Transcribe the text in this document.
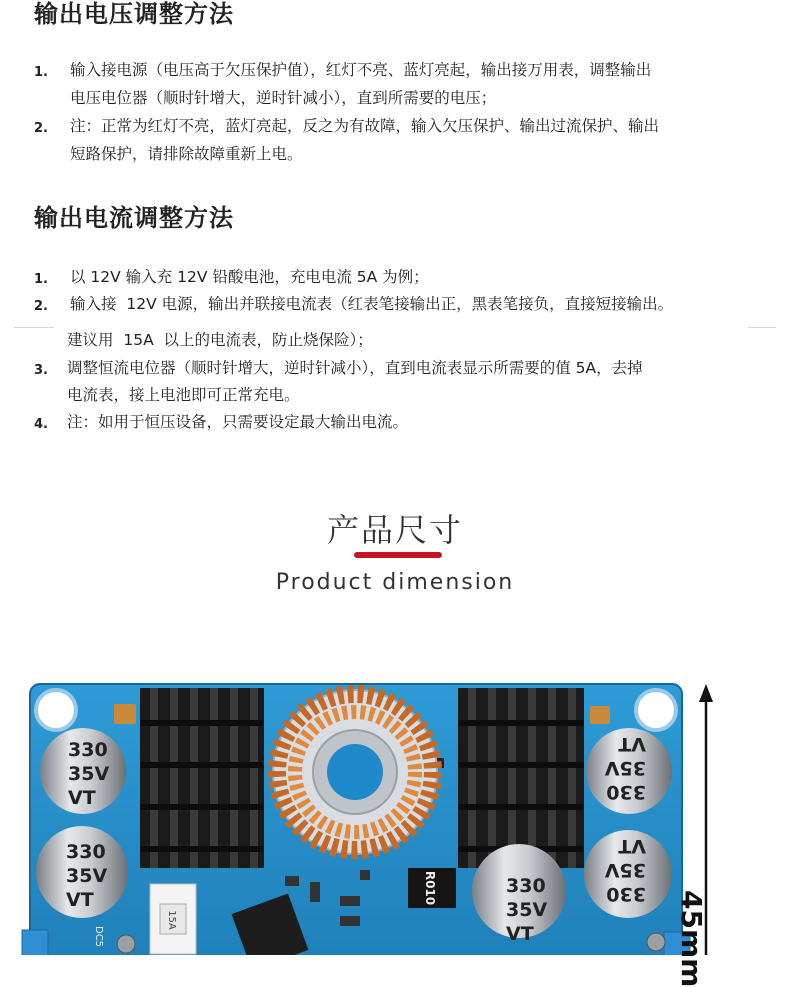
输出电压调整方法
1. 输入接电源（电压高于欠压保护值），红灯不亮、蓝灯亮起，输出接万用表，调整输出
电压电位器（顺时针增大，逆时针减小），直到所需要的电压；
2. 注：正常为红灯不亮，蓝灯亮起，反之为有故障，输入欠压保护、输出过流保护、输出
短路保护，请排除故障重新上电。
输出电流调整方法
1. 以 12V 输入充 12V 铅酸电池，充电电流 5A 为例；
2. 输入接  12V 电源，输出并联接电流表（红表笔接输出正，黑表笔接负，直接短接输出。
建议用  15A  以上的电流表，防止烧保险）；
3. 调整恒流电位器（顺时针增大，逆时针减小），直到电流表显示所需要的值 5A，去掉
电流表，接上电池即可正常充电。
4. 注：如用于恒压设备，只需要设定最大输出电流。
产品尺寸
Product dimension
330
35V
VT
330
35V
VT
330
35V
VT
330
35V
VT
330
35V
VT
R010
15A
DC5	45mm
